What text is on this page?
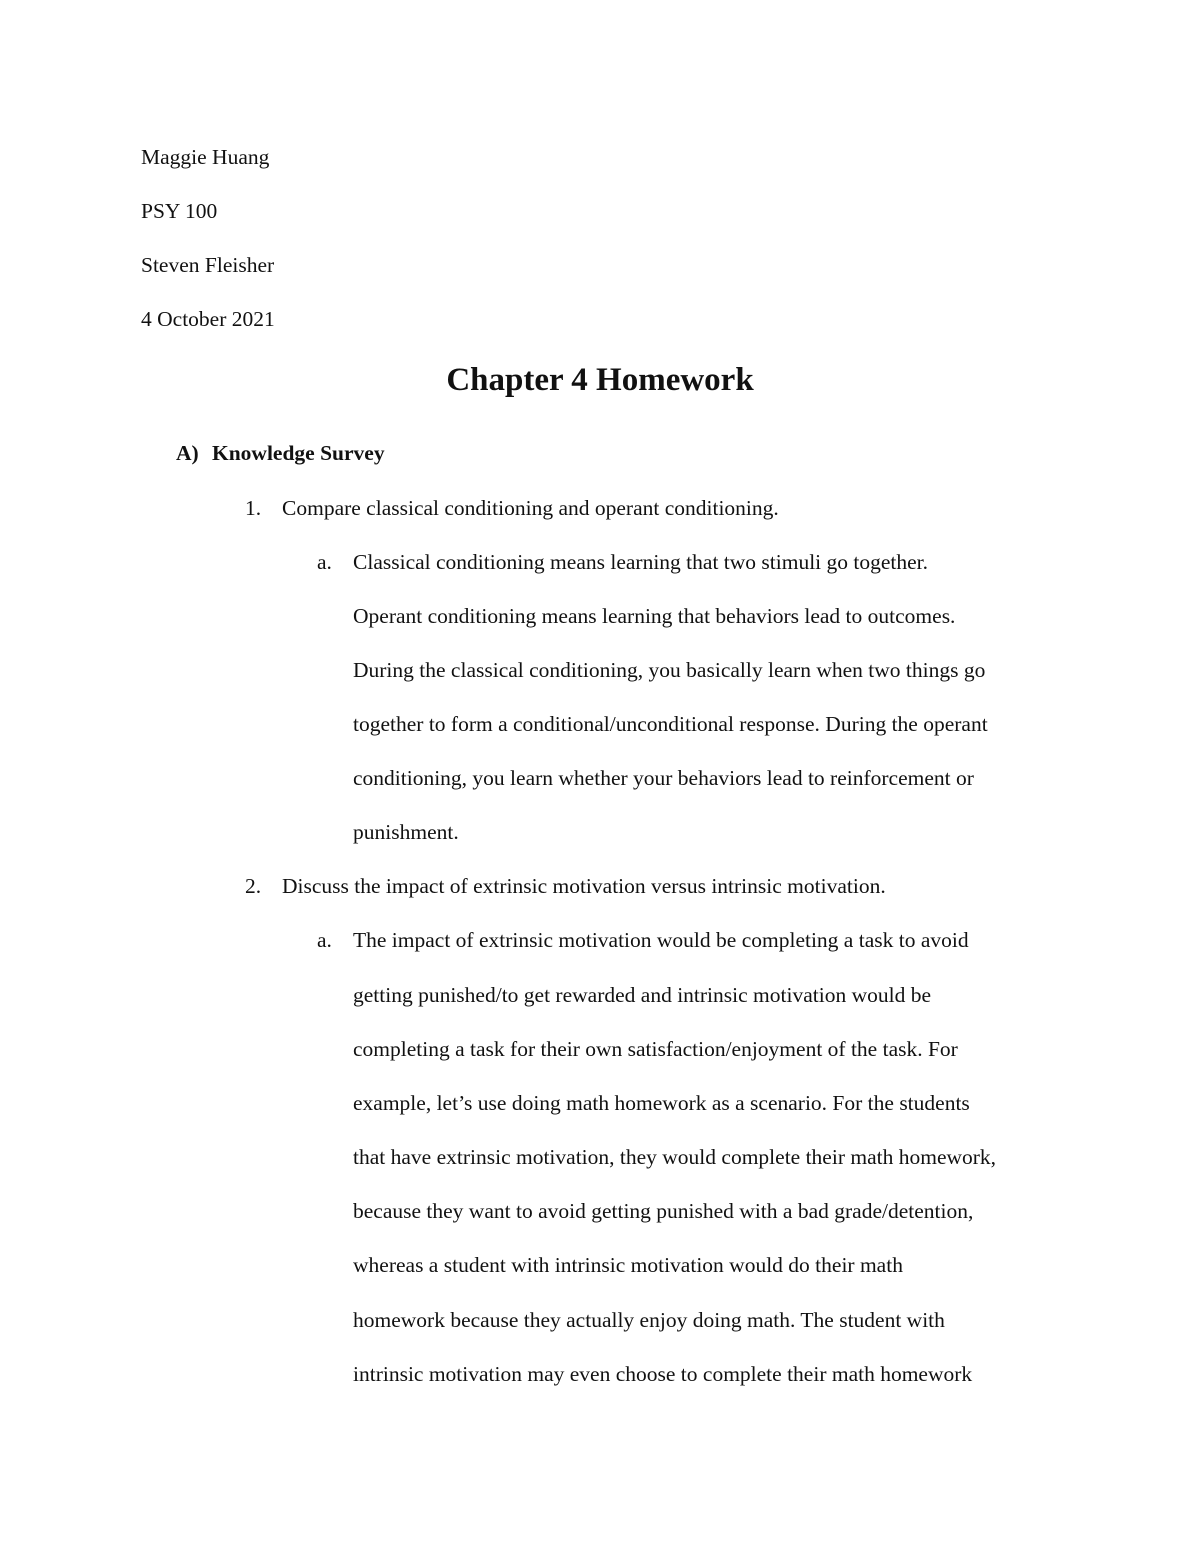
Maggie Huang

PSY 100

Steven Fleisher

4 October 2021

Chapter 4 Homework

A) Knowledge Survey

1. Compare classical conditioning and operant conditioning.

a. Classical conditioning means learning that two stimuli go together.

Operant conditioning means learning that behaviors lead to outcomes.

During the classical conditioning, you basically learn when two things go

together to form a conditional/unconditional response. During the operant

conditioning, you learn whether your behaviors lead to reinforcement or

punishment.

2. Discuss the impact of extrinsic motivation versus intrinsic motivation.

a. The impact of extrinsic motivation would be completing a task to avoid

getting punished/to get rewarded and intrinsic motivation would be

completing a task for their own satisfaction/enjoyment of the task. For

example, let’s use doing math homework as a scenario. For the students

that have extrinsic motivation, they would complete their math homework,

because they want to avoid getting punished with a bad grade/detention,

whereas a student with intrinsic motivation would do their math

homework because they actually enjoy doing math. The student with

intrinsic motivation may even choose to complete their math homework
